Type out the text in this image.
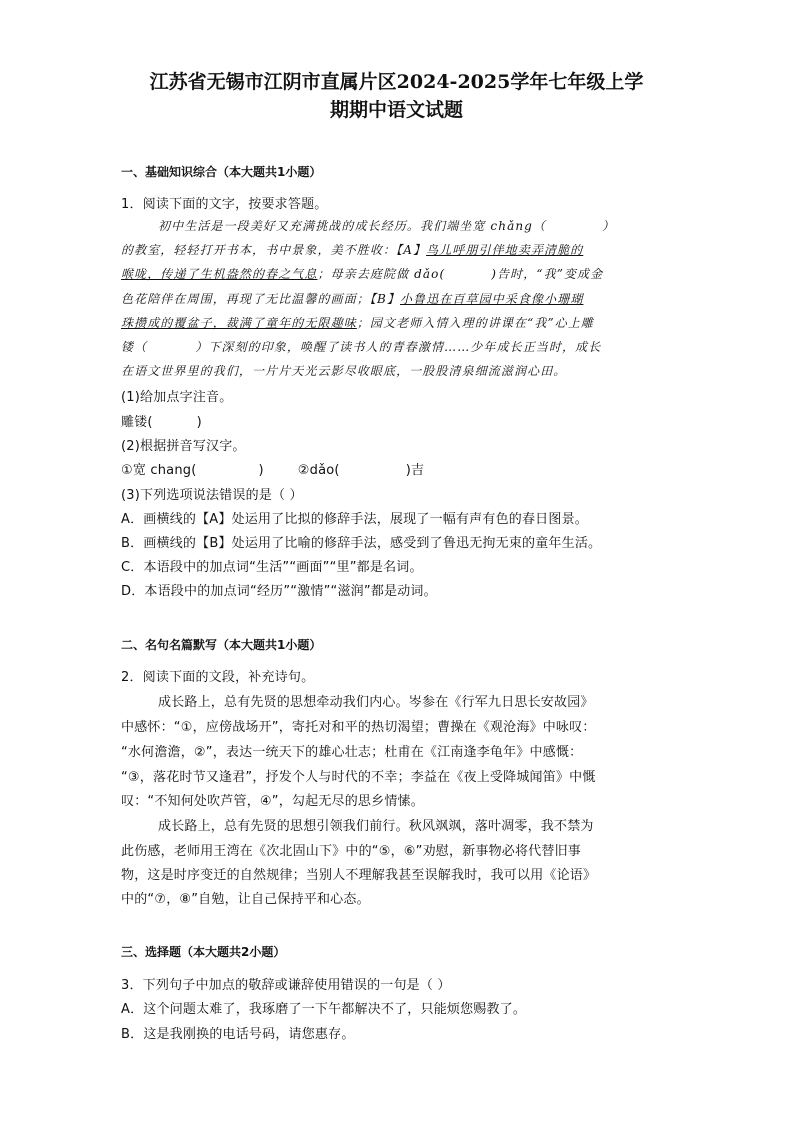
江苏省无锡市江阴市直属片区2024-2025学年七年级上学
期期中语文试题
一、基础知识综合（本大题共1小题）
1．阅读下面的文字，按要求答题。
初中生活是一段美好又充满挑战的成长经历。我们端坐宽 chǎng（	）
的教室，轻轻打开书本，书中景象，美不胜收：【A】鸟儿呼朋引伴地卖弄清脆的
喉咙，传递了生机盎然的春之气息；母亲去庭院做 dǎo(	)告时，“我”变成金
色花陪伴在周围，再现了无比温馨的画面；【B】小鲁迅在百草园中采食像小珊瑚
珠攒成的覆盆子，裁满了童年的无限趣味；园文老师入情入理的讲课在“我”心上雕
镂（	）下深刻的印象，唤醒了读书人的青春激情……少年成长正当时，成长
在语文世界里的我们，一片片天光云影尽收眼底，一股股清泉细流滋润心田。
(1)给加点字注音。
雕镂(	)
(2)根据拼音写汉字。
①宽 chang(	)	②dǎo(	)吉
(3)下列选项说法错误的是（ ）
A．画横线的【A】处运用了比拟的修辞手法，展现了一幅有声有色的春日图景。
B．画横线的【B】处运用了比喻的修辞手法，感受到了鲁迅无拘无束的童年生活。
C．本语段中的加点词“生活”“画面”“里”都是名词。
D．本语段中的加点词“经历”“激情”“滋润”都是动词。
二、名句名篇默写（本大题共1小题）
2．阅读下面的文段，补充诗句。
成长路上，总有先贤的思想牵动我们内心。岑参在《行军九日思长安故园》
中感怀：“①，应傍战场开”，寄托对和平的热切渴望；曹操在《观沧海》中咏叹：
“水何澹澹，②”，表达一统天下的雄心壮志；杜甫在《江南逢李龟年》中感慨：
“③，落花时节又逢君”，抒发个人与时代的不幸；李益在《夜上受降城闻笛》中慨
叹：“不知何处吹芦管，④”，勾起无尽的思乡情愫。
成长路上，总有先贤的思想引领我们前行。秋风飒飒，落叶凋零，我不禁为
此伤感，老师用王湾在《次北固山下》中的“⑤，⑥”劝慰，新事物必将代替旧事
物，这是时序变迁的自然规律；当别人不理解我甚至误解我时，我可以用《论语》
中的“⑦，⑧”自勉，让自己保持平和心态。
三、选择题（本大题共2小题）
3．下列句子中加点的敬辞或谦辞使用错误的一句是（ ）
A．这个问题太难了，我琢磨了一下午都解决不了，只能烦您赐教了。
B．这是我刚换的电话号码，请您惠存。
